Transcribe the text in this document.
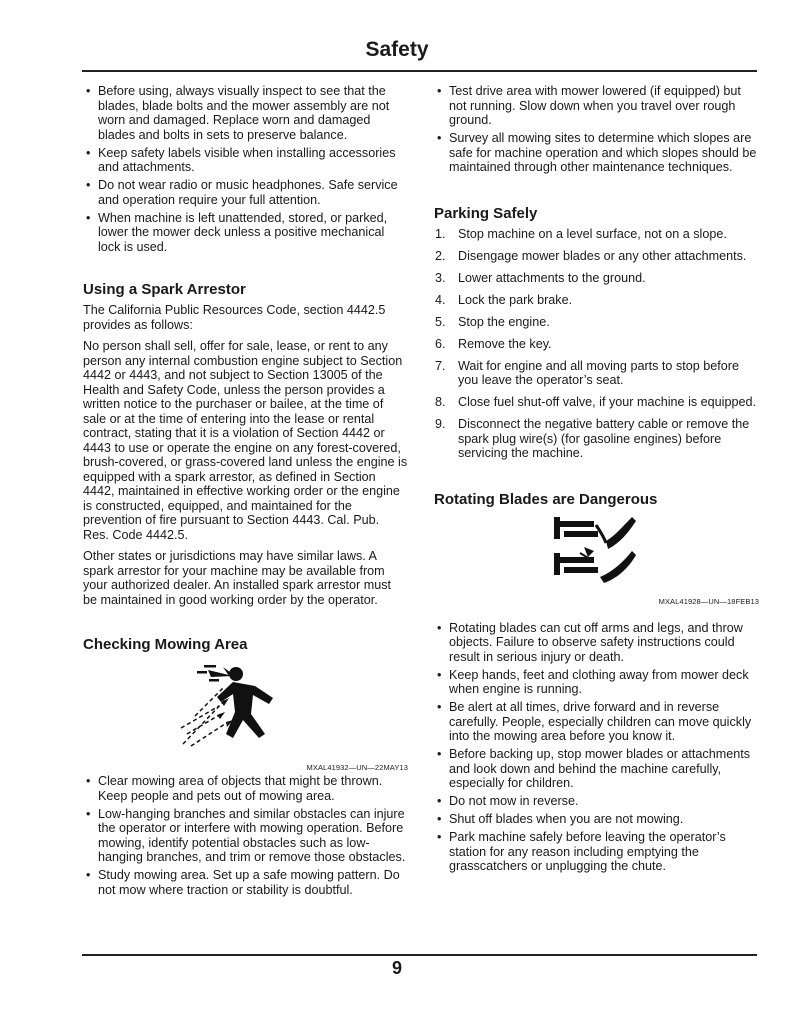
Safety
• Before using, always visually inspect to see that the blades, blade bolts and the mower assembly are not worn and damaged. Replace worn and damaged blades and bolts in sets to preserve balance.
• Keep safety labels visible when installing accessories and attachments.
• Do not wear radio or music headphones. Safe service and operation require your full attention.
• When machine is left unattended, stored, or parked, lower the mower deck unless a positive mechanical lock is used.
Using a Spark Arrestor

The California Public Resources Code, section 4442.5 provides as follows:

No person shall sell, offer for sale, lease, or rent to any person any internal combustion engine subject to Section 4442 or 4443, and not subject to Section 13005 of the Health and Safety Code, unless the person provides a written notice to the purchaser or bailee, at the time of sale or at the time of entering into the lease or rental contract, stating that it is a violation of Section 4442 or 4443 to use or operate the engine on any forest-covered, brush-covered, or grass-covered land unless the engine is equipped with a spark arrestor, as defined in Section 4442, maintained in effective working order or the engine is constructed, equipped, and maintained for the prevention of fire pursuant to Section 4443. Cal. Pub. Res. Code 4442.5.

Other states or jurisdictions may have similar laws. A spark arrestor for your machine may be available from your authorized dealer. An installed spark arrestor must be maintained in good working order by the operator.

Checking Mowing Area
MXAL41932—UN—22MAY13
• Clear mowing area of objects that might be thrown. Keep people and pets out of mowing area.
• Low-hanging branches and similar obstacles can injure the operator or interfere with mowing operation. Before mowing, identify potential obstacles such as low-hanging branches, and trim or remove those obstacles.
• Study mowing area. Set up a safe mowing pattern. Do not mow where traction or stability is doubtful.
• Test drive area with mower lowered (if equipped) but not running. Slow down when you travel over rough ground.
• Survey all mowing sites to determine which slopes are safe for machine operation and which slopes should be maintained through other maintenance techniques.
Parking Safely
1. Stop machine on a level surface, not on a slope.
2. Disengage mower blades or any other attachments.
3. Lower attachments to the ground.
4. Lock the park brake.
5. Stop the engine.
6. Remove the key.
7. Wait for engine and all moving parts to stop before you leave the operator’s seat.
8. Close fuel shut-off valve, if your machine is equipped.
9. Disconnect the negative battery cable or remove the spark plug wire(s) (for gasoline engines) before servicing the machine.
Rotating Blades are Dangerous
MXAL41928—UN—18FEB13
• Rotating blades can cut off arms and legs, and throw objects. Failure to observe safety instructions could result in serious injury or death.
• Keep hands, feet and clothing away from mower deck when engine is running.
• Be alert at all times, drive forward and in reverse carefully. People, especially children can move quickly into the mowing area before you know it.
• Before backing up, stop mower blades or attachments and look down and behind the machine carefully, especially for children.
• Do not mow in reverse.
• Shut off blades when you are not mowing.
• Park machine safely before leaving the operator’s station for any reason including emptying the grasscatchers or unplugging the chute.
9
